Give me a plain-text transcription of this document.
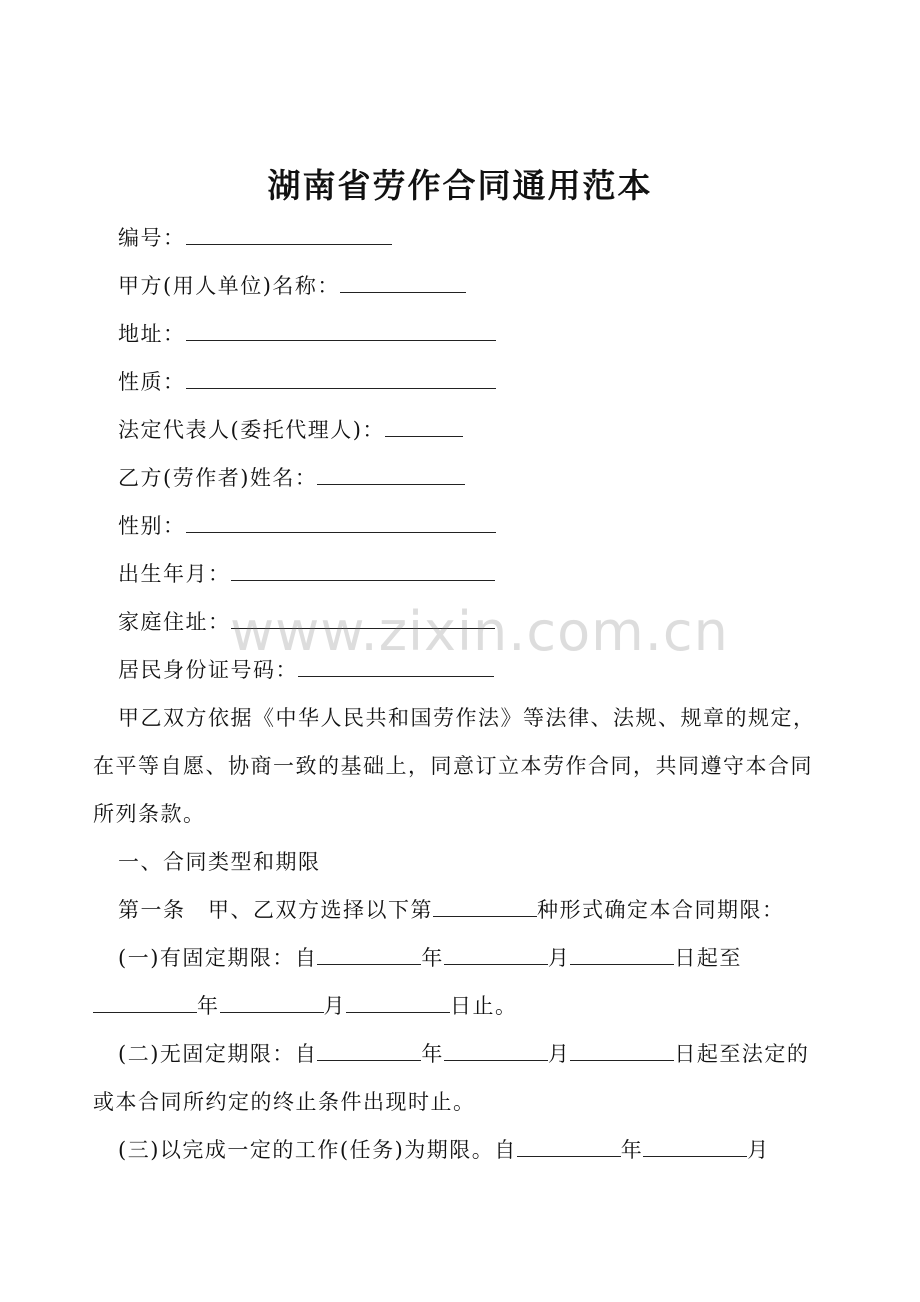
湖南省劳作合同通用范本
编号：
甲方(用人单位)名称：
地址：
性质：
法定代表人(委托代理人)：
乙方(劳作者)姓名：
性别：
出生年月：
家庭住址：
居民身份证号码：
甲乙双方依据《中华人民共和国劳作法》等法律、法规、规章的规定，
在平等自愿、协商一致的基础上，同意订立本劳作合同，共同遵守本合同
所列条款。
一、合同类型和期限
第一条　甲、乙双方选择以下第	种形式确定本合同期限：
(一)有固定期限：自	年	月	日起至
年	月	日止。
(二)无固定期限：自	年	月	日起至法定的
或本合同所约定的终止条件出现时止。
(三)以完成一定的工作(任务)为期限。自	年	月
www.zixin.com.cn
